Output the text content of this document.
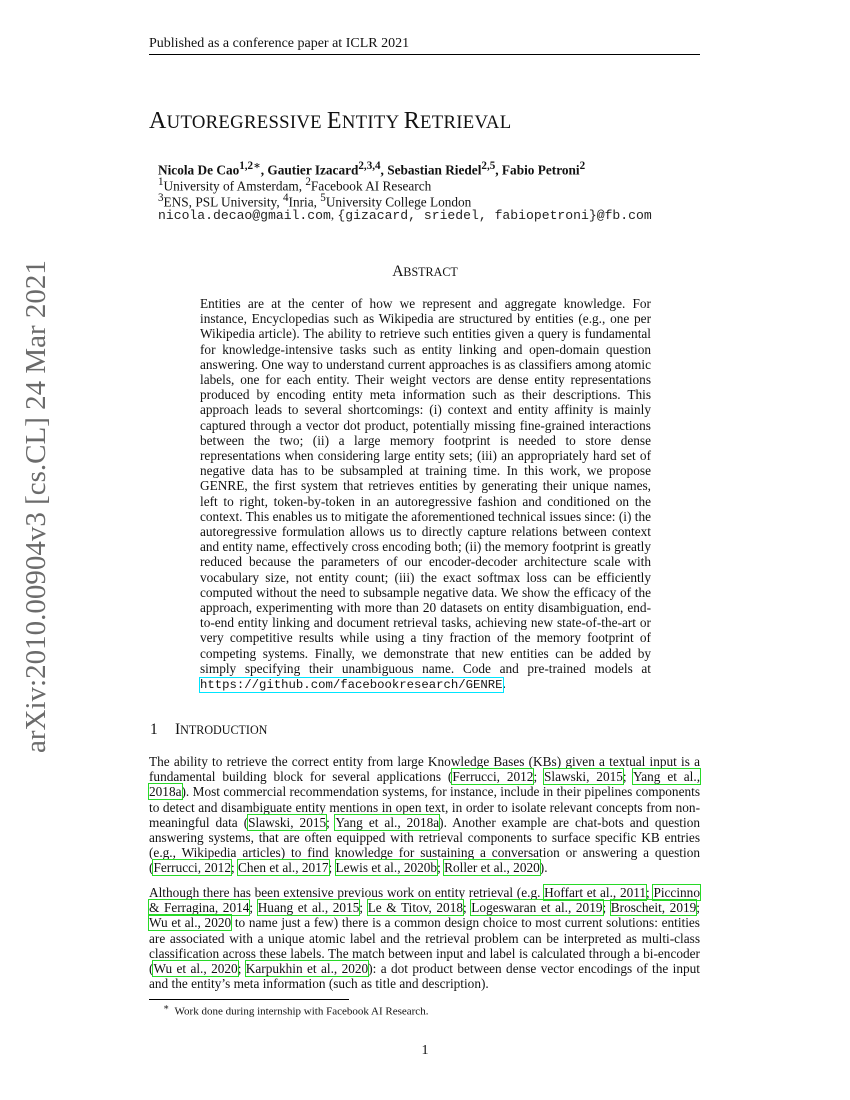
Published as a conference paper at ICLR 2021
AUTOREGRESSIVE ENTITY RETRIEVAL
Nicola De Cao$^{1,2∗}$, Gautier Izacard$^{2,3,4}$, Sebastian Riedel$^{2,5}$, Fabio Petroni$^2$
$^1$University of Amsterdam, $^2$Facebook AI Research
$^3$ENS, PSL University, $^4$Inria, $^5$University College London
nicola.decao@gmail.com, {gizacard, sriedel, fabiopetroni}@fb.com
ABSTRACT
Entities are at the center of how we represent and aggregate knowledge. For instance, Encyclopedias such as Wikipedia are structured by entities (e.g., one per Wikipedia article). The ability to retrieve such entities given a query is fundamental for knowledge-intensive tasks such as entity linking and open-domain question answering. One way to understand current approaches is as classifiers among atomic labels, one for each entity. Their weight vectors are dense entity representations produced by encoding entity meta information such as their descriptions. This approach leads to several shortcomings: (i) context and entity affinity is mainly captured through a vector dot product, potentially missing fine-grained interactions between the two; (ii) a large memory footprint is needed to store dense representations when considering large entity sets; (iii) an appropriately hard set of negative data has to be subsampled at training time. In this work, we propose GENRE, the first system that retrieves entities by generating their unique names, left to right, token-by-token in an autoregressive fashion and conditioned on the context. This enables us to mitigate the aforementioned technical issues since: (i) the autoregressive formulation allows us to directly capture relations between context and entity name, effectively cross encoding both; (ii) the memory footprint is greatly reduced because the parameters of our encoder-decoder architecture scale with vocabulary size, not entity count; (iii) the exact softmax loss can be efficiently computed without the need to subsample negative data. We show the efficacy of the approach, experimenting with more than 20 datasets on entity disambiguation, end-to-end entity linking and document retrieval tasks, achieving new state-of-the-art or very competitive results while using a tiny fraction of the memory footprint of competing systems. Finally, we demonstrate that new entities can be added by simply specifying their unambiguous name. Code and pre-trained models at https://github.com/facebookresearch/GENRE.
1 INTRODUCTION
The ability to retrieve the correct entity from large Knowledge Bases (KBs) given a textual input is a fundamental building block for several applications (Ferrucci, 2012; Slawski, 2015; Yang et al., 2018a). Most commercial recommendation systems, for instance, include in their pipelines components to detect and disambiguate entity mentions in open text, in order to isolate relevant concepts from non-meaningful data (Slawski, 2015; Yang et al., 2018a). Another example are chat-bots and question answering systems, that are often equipped with retrieval components to surface specific KB entries (e.g., Wikipedia articles) to find knowledge for sustaining a conversation or answering a question (Ferrucci, 2012; Chen et al., 2017; Lewis et al., 2020b; Roller et al., 2020).
Although there has been extensive previous work on entity retrieval (e.g. Hoffart et al., 2011; Piccinno & Ferragina, 2014; Huang et al., 2015; Le & Titov, 2018; Logeswaran et al., 2019; Broscheit, 2019; Wu et al., 2020 to name just a few) there is a common design choice to most current solutions: entities are associated with a unique atomic label and the retrieval problem can be interpreted as multi-class classification across these labels. The match between input and label is calculated through a bi-encoder (Wu et al., 2020; Karpukhin et al., 2020): a dot product between dense vector encodings of the input and the entity’s meta information (such as title and description).
∗ Work done during internship with Facebook AI Research.
1
arXiv:2010.00904v3 [cs.CL] 24 Mar 2021
